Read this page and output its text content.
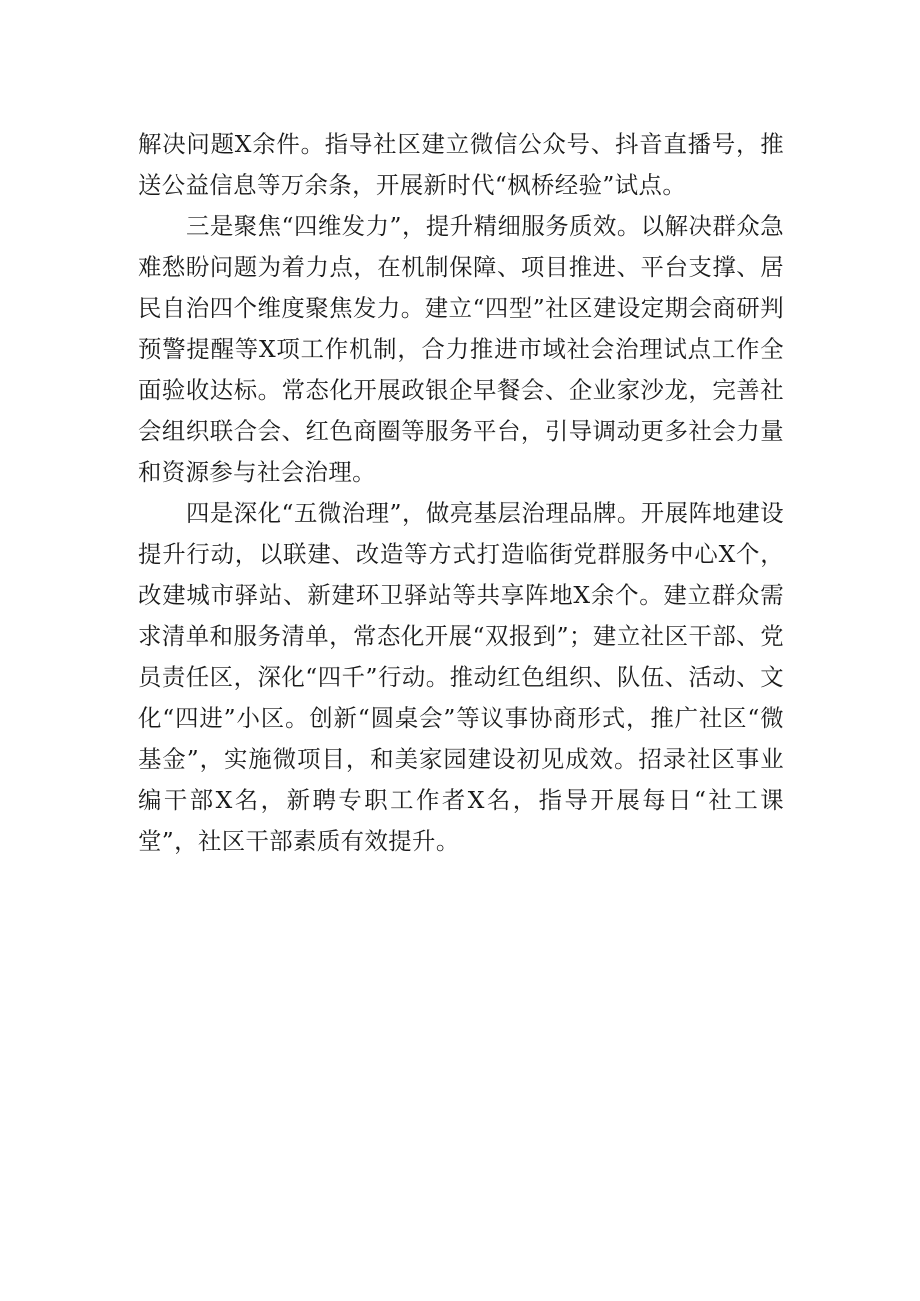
解决问题X余件。指导社区建立微信公众号、抖音直播号，推送公益信息等万余条，开展新时代“枫桥经验”试点。

三是聚焦“四维发力”，提升精细服务质效。以解决群众急难愁盼问题为着力点，在机制保障、项目推进、平台支撑、居民自治四个维度聚焦发力。建立“四型”社区建设定期会商研判预警提醒等X项工作机制，合力推进市域社会治理试点工作全面验收达标。常态化开展政银企早餐会、企业家沙龙，完善社会组织联合会、红色商圈等服务平台，引导调动更多社会力量和资源参与社会治理。

四是深化“五微治理”，做亮基层治理品牌。开展阵地建设提升行动，以联建、改造等方式打造临街党群服务中心X个，改建城市驿站、新建环卫驿站等共享阵地X余个。建立群众需求清单和服务清单，常态化开展“双报到”；建立社区干部、党员责任区，深化“四千”行动。推动红色组织、队伍、活动、文化“四进”小区。创新“圆桌会”等议事协商形式，推广社区“微基金”，实施微项目，和美家园建设初见成效。招录社区事业编干部X名，新聘专职工作者X名，指导开展每日“社工课堂”，社区干部素质有效提升。
